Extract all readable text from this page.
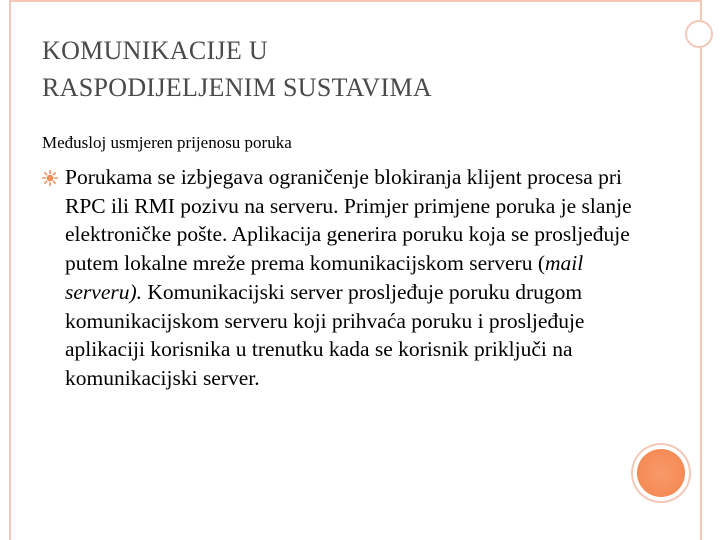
KOMUNIKACIJE U
RASPODIJELJENIM SUSTAVIMA
Međusloj usmjeren prijenosu poruka
Porukama se izbjegava ograničenje blokiranja klijent procesa pri RPC ili RMI pozivu na serveru. Primjer primjene poruka je slanje elektroničke pošte. Aplikacija generira poruku koja se prosljeđuje putem lokalne mreže prema komunikacijskom serveru (mail serveru). Komunikacijski server prosljeđuje poruku drugom komunikacijskom serveru koji prihvaća poruku i prosljeđuje aplikaciji korisnika u trenutku kada se korisnik priključi na komunikacijski server.
